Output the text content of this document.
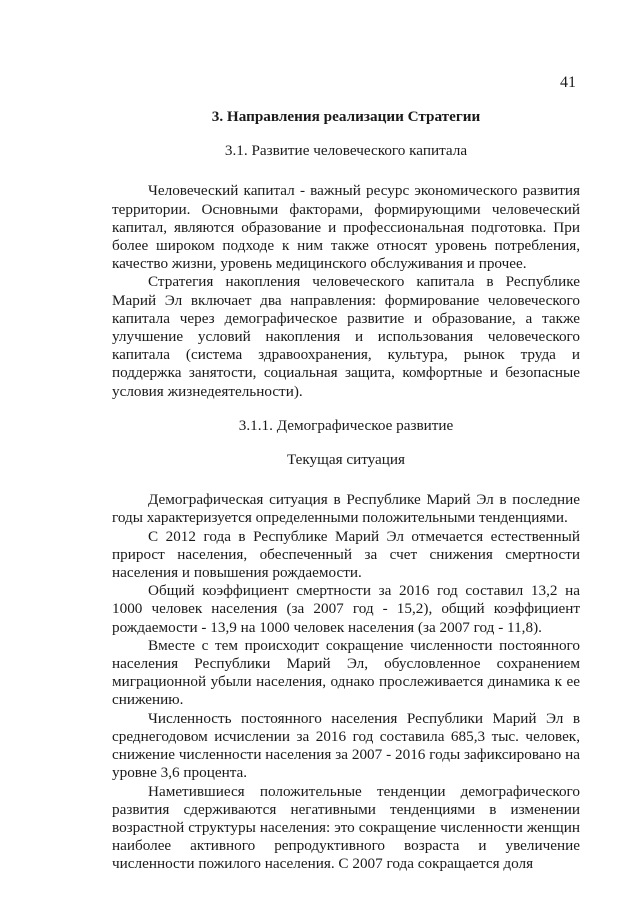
41

3. Направления реализации Стратегии

3.1. Развитие человеческого капитала

Человеческий капитал - важный ресурс экономического развития территории. Основными факторами, формирующими человеческий капитал, являются образование и профессиональная подготовка. При более широком подходе к ним также относят уровень потребления, качество жизни, уровень медицинского обслуживания и прочее.

Стратегия накопления человеческого капитала в Республике Марий Эл включает два направления: формирование человеческого капитала через демографическое развитие и образование, а также улучшение условий накопления и использования человеческого капитала (система здравоохранения, культура, рынок труда и поддержка занятости, социальная защита, комфортные и безопасные условия жизнедеятельности).

3.1.1. Демографическое развитие

Текущая ситуация

Демографическая ситуация в Республике Марий Эл в последние годы характеризуется определенными положительными тенденциями.

С 2012 года в Республике Марий Эл отмечается естественный прирост населения, обеспеченный за счет снижения смертности населения и повышения рождаемости.

Общий коэффициент смертности за 2016 год составил 13,2 на 1000 человек населения (за 2007 год - 15,2), общий коэффициент рождаемости - 13,9 на 1000 человек населения (за 2007 год - 11,8).

Вместе с тем происходит сокращение численности постоянного населения Республики Марий Эл, обусловленное сохранением миграционной убыли населения, однако прослеживается динамика к ее снижению.

Численность постоянного населения Республики Марий Эл в среднегодовом исчислении за 2016 год составила 685,3 тыс. человек, снижение численности населения за 2007 - 2016 годы зафиксировано на уровне 3,6 процента.

Наметившиеся положительные тенденции демографического развития сдерживаются негативными тенденциями в изменении возрастной структуры населения: это сокращение численности женщин наиболее активного репродуктивного возраста и увеличение численности пожилого населения. С 2007 года сокращается доля
